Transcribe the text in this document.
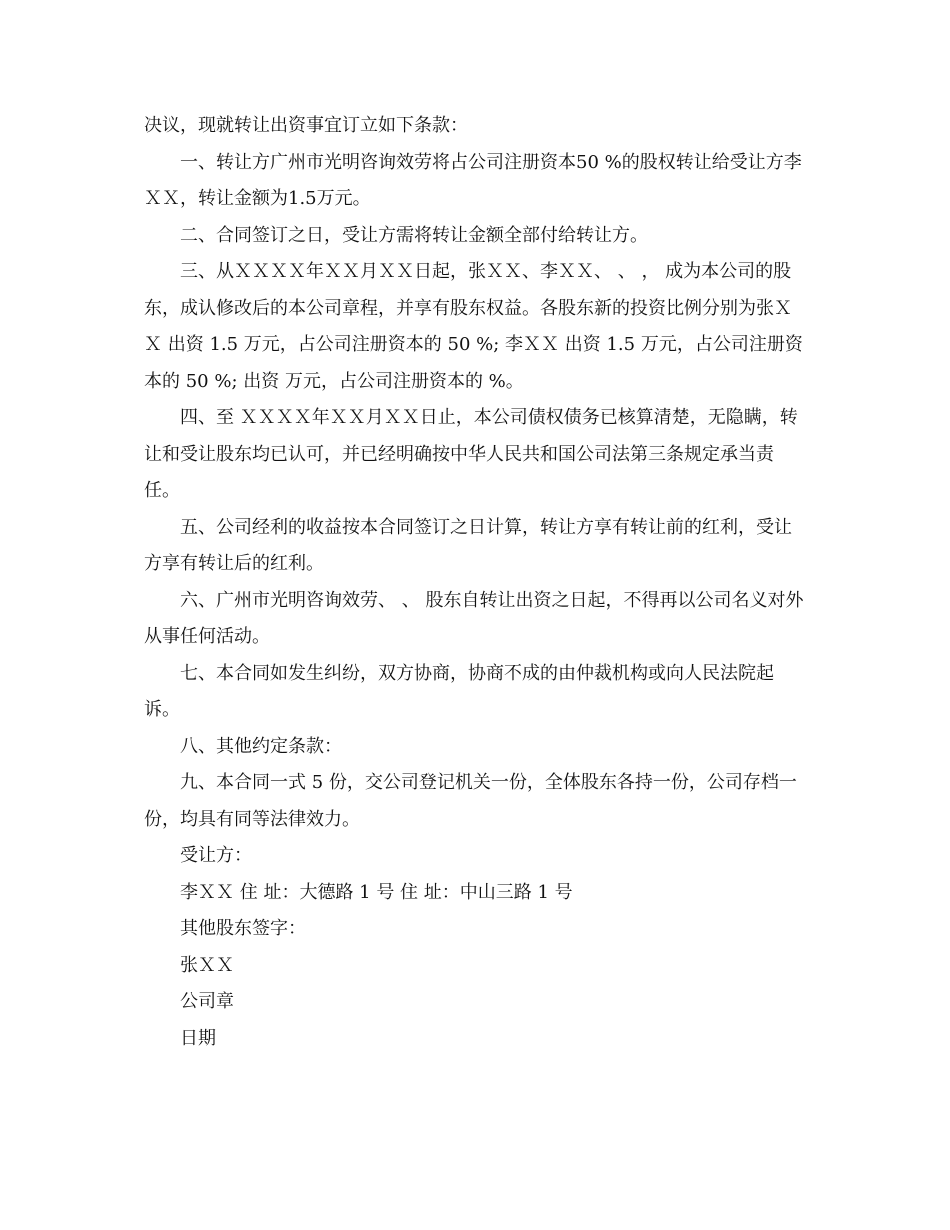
决议，现就转让出资事宜订立如下条款：

一、转让方广州市光明咨询效劳将占公司注册资本50 %的股权转让给受让方李ＸＸ，转让金额为1.5万元。

二、合同签订之日，受让方需将转让金额全部付给转让方。

三、从ＸＸＸＸ年ＸＸ月ＸＸ日起，张ＸＸ、李ＸＸ、 、 ， 成为本公司的股东，成认修改后的本公司章程，并享有股东权益。各股东新的投资比例分别为张ＸＸ 出资 1.5 万元，占公司注册资本的 50 %; 李ＸＸ 出资 1.5 万元，占公司注册资本的 50 %; 出资 万元，占公司注册资本的 %。

四、至 ＸＸＸＸ年ＸＸ月ＸＸ日止，本公司债权债务已核算清楚，无隐瞒，转让和受让股东均已认可，并已经明确按中华人民共和国公司法第三条规定承当责任。

五、公司经利的收益按本合同签订之日计算，转让方享有转让前的红利，受让方享有转让后的红利。

六、广州市光明咨询效劳、 、 股东自转让出资之日起，不得再以公司名义对外从事任何活动。

七、本合同如发生纠纷，双方协商，协商不成的由仲裁机构或向人民法院起诉。

八、其他约定条款：

九、本合同一式 5 份，交公司登记机关一份，全体股东各持一份，公司存档一份，均具有同等法律效力。

受让方：

李ＸＸ 住 址：大德路 1 号 住 址：中山三路 1 号

其他股东签字：

张ＸＸ

公司章

日期
